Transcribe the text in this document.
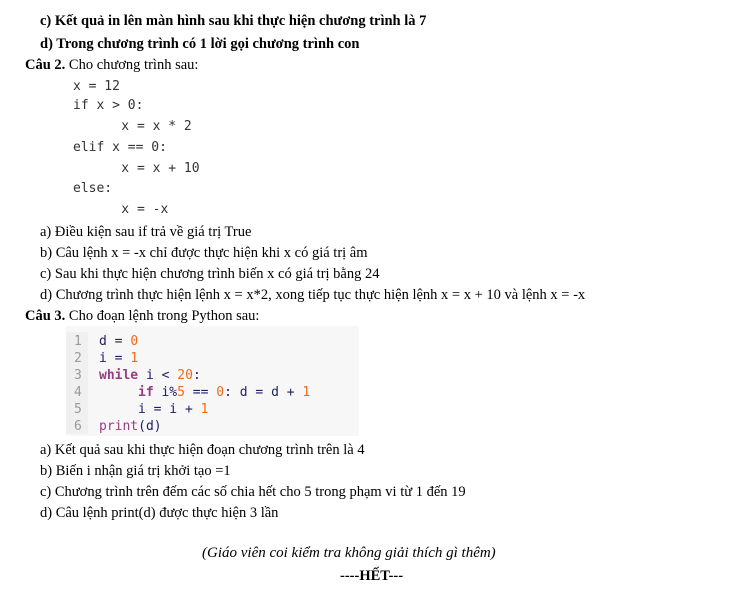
c) Kết quả in lên màn hình sau khi thực hiện chương trình là 7
d) Trong chương trình có 1 lời gọi chương trình con
Câu 2. Cho chương trình sau:
x = 12
if x > 0:
x = x * 2
elif x == 0:
x = x + 10
else:
x = -x
a) Điều kiện sau if trả về giá trị True
b) Câu lệnh x = -x chỉ được thực hiện khi x có giá trị âm
c) Sau khi thực hiện chương trình biến x có giá trị bằng 24
d) Chương trình thực hiện lệnh x = x*2, xong tiếp tục thực hiện lệnh x = x + 10 và lệnh x = -x
Câu 3. Cho đoạn lệnh trong Python sau:
1 d = 0
2 i = 1
3 while i < 20:
4	if i%5 == 0: d = d + 1
5	i = i + 1
6 print(d)
a) Kết quả sau khi thực hiện đoạn chương trình trên là 4
b) Biến i nhận giá trị khởi tạo =1
c) Chương trình trên đếm các số chia hết cho 5 trong phạm vi từ 1 đến 19
d) Câu lệnh print(d) được thực hiện 3 lần
(Giáo viên coi kiểm tra không giải thích gì thêm)
----HẾT---
